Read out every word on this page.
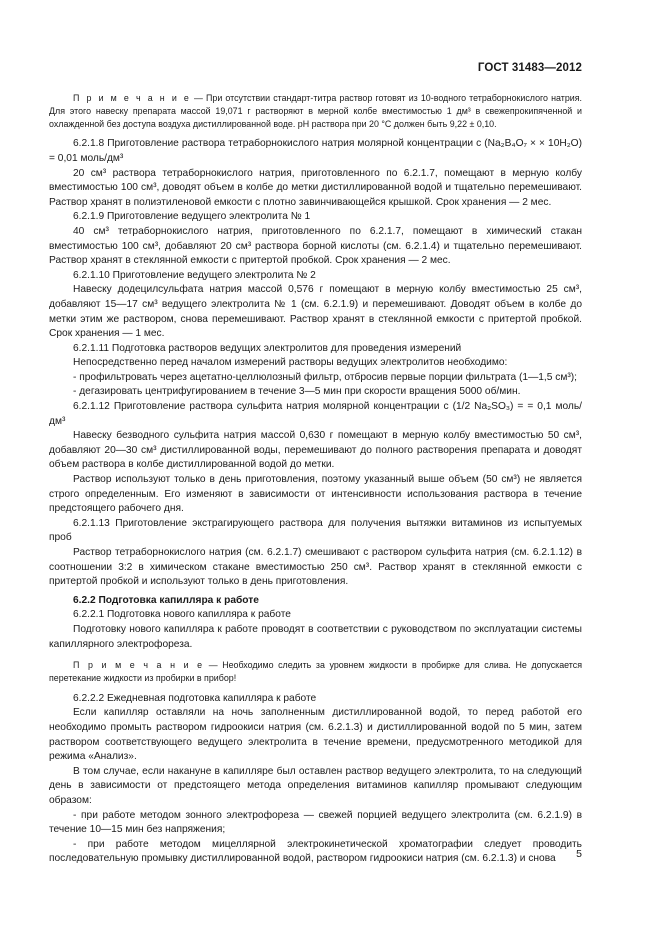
ГОСТ 31483—2012

П р и м е ч а н и е — При отсутствии стандарт-титра раствор готовят из 10-водного тетраборнокислого натрия. Для этого навеску препарата массой 19,071 г растворяют в мерной колбе вместимостью 1 дм³ в свежепрокипяченной и охлажденной без доступа воздуха дистиллированной воде. pH раствора при 20 °С должен быть 9,22 ± 0,10.

6.2.1.8 Приготовление раствора тетраборнокислого натрия молярной концентрации c (Na₂B₄O₇ × × 10H₂O) = 0,01 моль/дм³

20 см³ раствора тетраборнокислого натрия, приготовленного по 6.2.1.7, помещают в мерную колбу вместимостью 100 см³, доводят объем в колбе до метки дистиллированной водой и тщательно перемешивают. Раствор хранят в полиэтиленовой емкости с плотно завинчивающейся крышкой. Срок хранения — 2 мес.

6.2.1.9 Приготовление ведущего электролита № 1

40 см³ тетраборнокислого натрия, приготовленного по 6.2.1.7, помещают в химический стакан вместимостью 100 см³, добавляют 20 см³ раствора борной кислоты (см. 6.2.1.4) и тщательно перемешивают. Раствор хранят в стеклянной емкости с притертой пробкой. Срок хранения — 2 мес.

6.2.1.10 Приготовление ведущего электролита № 2

Навеску додецилсульфата натрия массой 0,576 г помещают в мерную колбу вместимостью 25 см³, добавляют 15—17 см³ ведущего электролита № 1 (см. 6.2.1.9) и перемешивают. Доводят объем в колбе до метки этим же раствором, снова перемешивают. Раствор хранят в стеклянной емкости с притертой пробкой. Срок хранения — 1 мес.

6.2.1.11 Подготовка растворов ведущих электролитов для проведения измерений

Непосредственно перед началом измерений растворы ведущих электролитов необходимо:

- профильтровать через ацетатно-целлюлозный фильтр, отбросив первые порции фильтрата (1—1,5 см³);

- дегазировать центрифугированием в течение 3—5 мин при скорости вращения 5000 об/мин.

6.2.1.12 Приготовление раствора сульфита натрия молярной концентрации c (1/2 Na₂SO₃) = = 0,1 моль/дм³

Навеску безводного сульфита натрия массой 0,630 г помещают в мерную колбу вместимостью 50 см³, добавляют 20—30 см³ дистиллированной воды, перемешивают до полного растворения препарата и доводят объем раствора в колбе дистиллированной водой до метки.

Раствор используют только в день приготовления, поэтому указанный выше объем (50 см³) не является строго определенным. Его изменяют в зависимости от интенсивности использования раствора в течение предстоящего рабочего дня.

6.2.1.13 Приготовление экстрагирующего раствора для получения вытяжки витаминов из испытуемых проб

Раствор тетраборнокислого натрия (см. 6.2.1.7) смешивают с раствором сульфита натрия (см. 6.2.1.12) в соотношении 3:2 в химическом стакане вместимостью 250 см³. Раствор хранят в стеклянной емкости с притертой пробкой и используют только в день приготовления.

6.2.2 Подготовка капилляра к работе

6.2.2.1 Подготовка нового капилляра к работе

Подготовку нового капилляра к работе проводят в соответствии с руководством по эксплуатации системы капиллярного электрофореза.

П р и м е ч а н и е — Необходимо следить за уровнем жидкости в пробирке для слива. Не допускается перетекание жидкости из пробирки в прибор!

6.2.2.2 Ежедневная подготовка капилляра к работе

Если капилляр оставляли на ночь заполненным дистиллированной водой, то перед работой его необходимо промыть раствором гидроокиси натрия (см. 6.2.1.3) и дистиллированной водой по 5 мин, затем раствором соответствующего ведущего электролита в течение времени, предусмотренного методикой для режима «Анализ».

В том случае, если накануне в капилляре был оставлен раствор ведущего электролита, то на следующий день в зависимости от предстоящего метода определения витаминов капилляр промывают следующим образом:

- при работе методом зонного электрофореза — свежей порцией ведущего электролита (см. 6.2.1.9) в течение 10—15 мин без напряжения;

- при работе методом мицеллярной электрокинетической хроматографии следует проводить последовательную промывку дистиллированной водой, раствором гидроокиси натрия (см. 6.2.1.3) и снова	5
